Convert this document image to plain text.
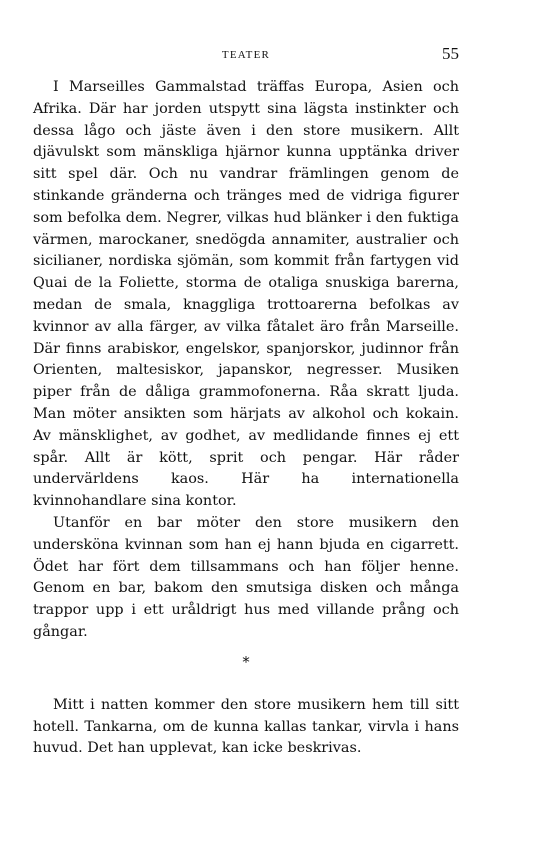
TEATER	55

I Marseilles Gammalstad träffas Europa, Asien och Afrika. Där har jorden utspytt sina lägsta instinkter och dessa lågo och jäste även i den store musikern. Allt djävulskt som mänskliga hjärnor kunna upptänka driver sitt spel där. Och nu vandrar främlingen genom de stinkande gränderna och tränges med de vidriga figurer som befolka dem. Negrer, vilkas hud blänker i den fuktiga värmen, marockaner, snedögda annamiter, australier och sicilianer, nordiska sjömän, som kommit från fartygen vid Quai de la Foliette, storma de otaliga snuskiga barerna, medan de smala, knaggliga trottoarerna befolkas av kvinnor av alla färger, av vilka fåtalet äro från Marseille. Där finns arabiskor, engelskor, spanjorskor, judinnor från Orienten, maltesiskor, japanskor, negresser. Musiken piper från de dåliga grammofonerna. Råa skratt ljuda. Man möter ansikten som härjats av alkohol och kokain. Av mänsklighet, av godhet, av medlidande finnes ej ett spår. Allt är kött, sprit och pengar. Här råder undervärldens kaos. Här ha internationella kvinnohandlare sina kontor.

Utanför en bar möter den store musikern den undersköna kvinnan som han ej hann bjuda en cigarrett. Ödet har fört dem tillsammans och han följer henne. Genom en bar, bakom den smutsiga disken och många trappor upp i ett uråldrigt hus med villande prång och gångar.

*

Mitt i natten kommer den store musikern hem till sitt hotell. Tankarna, om de kunna kallas tankar, virvla i hans huvud. Det han upplevat, kan icke beskrivas.
